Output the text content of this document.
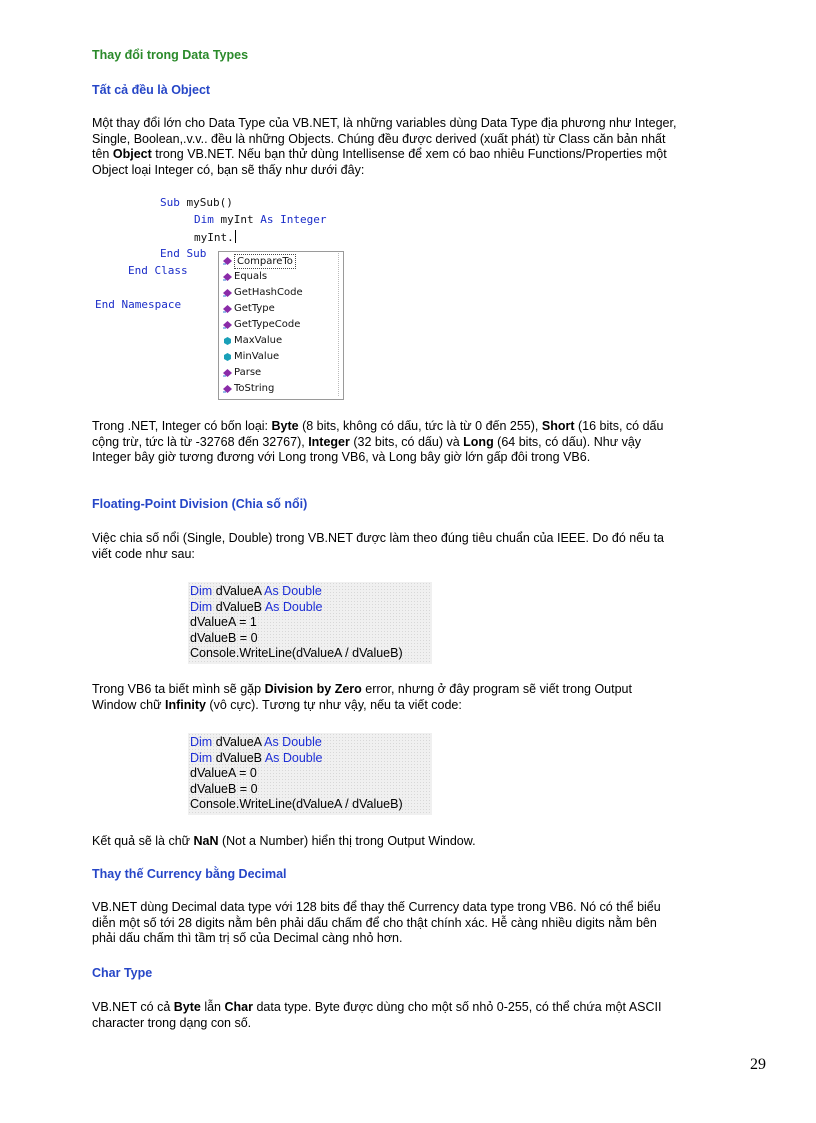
Thay đổi trong Data Types
Tất cả đều là Object

Một thay đổi lớn cho Data Type của VB.NET, là những variables dùng Data Type địa phương như Integer, Single, Boolean,.v.v.. đều là những Objects. Chúng đều được derived (xuất phát) từ Class căn bản nhất tên Object trong VB.NET. Nếu bạn thử dùng Intellisense để xem có bao nhiêu Functions/Properties một Object loại Integer có, bạn sẽ thấy như dưới đây:

Sub mySub()
Dim myInt As Integer
myInt.
End Sub
End Class
End Namespace
CompareTo
Equals
GetHashCode
GetType
GetTypeCode
MaxValue
MinValue
Parse
ToString

Trong .NET, Integer có bốn loại: Byte (8 bits, không có dấu, tức là từ 0 đến 255), Short (16 bits, có dấu cộng trừ, tức là từ -32768 đến 32767), Integer (32 bits, có dấu) và Long (64 bits, có dấu). Như vậy Integer bây giờ tương đương với Long trong VB6, và Long bây giờ lớn gấp đôi trong VB6.

Floating-Point Division (Chia số nổi)

Việc chia số nổi (Single, Double) trong VB.NET được làm theo đúng tiêu chuẩn của IEEE. Do đó nếu ta viết code như sau:

Dim dValueA As Double
Dim dValueB As Double
dValueA = 1
dValueB = 0
Console.WriteLine(dValueA / dValueB)

Trong VB6 ta biết mình sẽ gặp Division by Zero error, nhưng ở đây program sẽ viết trong Output Window chữ Infinity (vô cực). Tương tự như vậy, nếu ta viết code:

Dim dValueA As Double
Dim dValueB As Double
dValueA = 0
dValueB = 0
Console.WriteLine(dValueA / dValueB)

Kết quả sẽ là chữ NaN (Not a Number) hiển thị trong Output Window.

Thay thế Currency bằng Decimal

VB.NET dùng Decimal data type với 128 bits để thay thế Currency data type trong VB6. Nó có thể biểu diễn một số tới 28 digits nằm bên phải dấu chấm để cho thật chính xác. Hễ càng nhiều digits nằm bên phải dấu chấm thì tầm trị số của Decimal càng nhỏ hơn.

Char Type

VB.NET có cả Byte lẫn Char data type. Byte được dùng cho một số nhỏ 0-255, có thể chứa một ASCII character trong dạng con số.

29
